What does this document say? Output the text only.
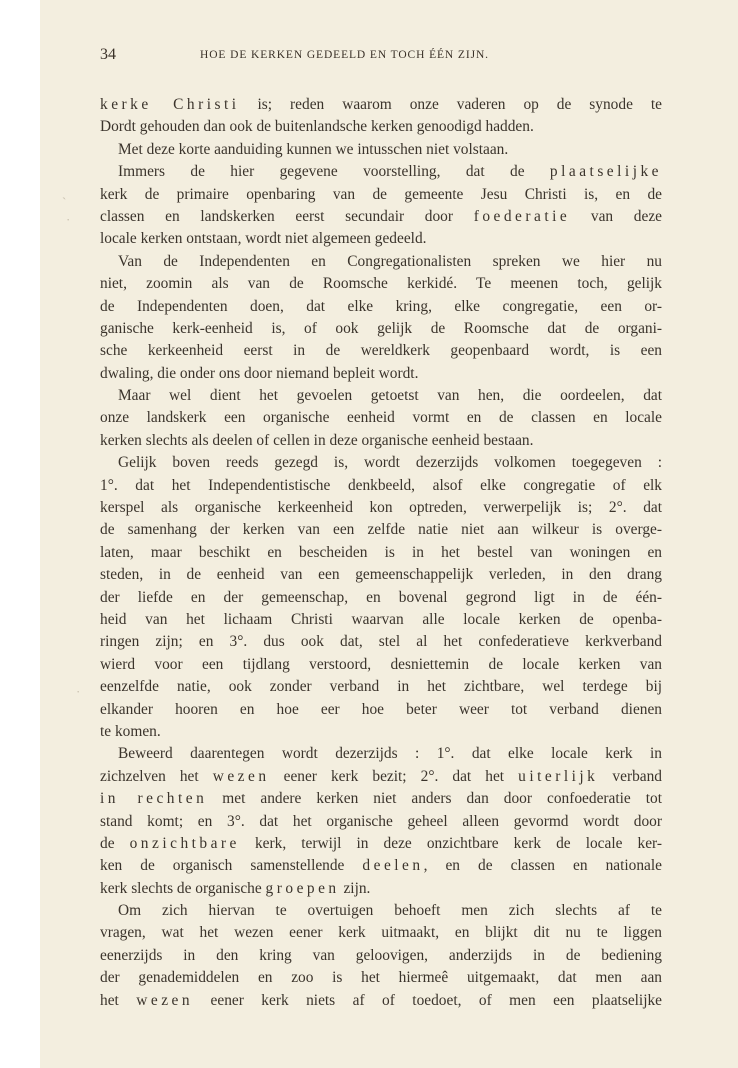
ˏ
·
·
34	HOE DE KERKEN GEDEELD EN TOCH ÉÉN ZIJN.
kerke Christi is; reden waarom onze vaderen op de synode te
Dordt gehouden dan ook de buitenlandsche kerken genoodigd hadden.
Met deze korte aanduiding kunnen we intusschen niet volstaan.
Immers de hier gegevene voorstelling, dat de plaatselijke
kerk de primaire openbaring van de gemeente Jesu Christi is, en de
classen en landskerken eerst secundair door foederatie van deze
locale kerken ontstaan, wordt niet algemeen gedeeld.
Van de Independenten en Congregationalisten spreken we hier nu
niet, zoomin als van de Roomsche kerkidé. Te meenen toch, gelijk
de Independenten doen, dat elke kring, elke congregatie, een or-
ganische kerk-eenheid is, of ook gelijk de Roomsche dat de organi-
sche kerkeenheid eerst in de wereldkerk geopenbaard wordt, is een
dwaling, die onder ons door niemand bepleit wordt.
Maar wel dient het gevoelen getoetst van hen, die oordeelen, dat
onze landskerk een organische eenheid vormt en de classen en locale
kerken slechts als deelen of cellen in deze organische eenheid bestaan.
Gelijk boven reeds gezegd is, wordt dezerzijds volkomen toegegeven :
1°. dat het Independentistische denkbeeld, alsof elke congregatie of elk
kerspel als organische kerkeenheid kon optreden, verwerpelijk is; 2°. dat
de samenhang der kerken van een zelfde natie niet aan wilkeur is overge-
laten, maar beschikt en bescheiden is in het bestel van woningen en
steden, in de eenheid van een gemeenschappelijk verleden, in den drang
der liefde en der gemeenschap, en bovenal gegrond ligt in de één-
heid van het lichaam Christi waarvan alle locale kerken de openba-
ringen zijn; en 3°. dus ook dat, stel al het confederatieve kerkverband
wierd voor een tijdlang verstoord, desniettemin de locale kerken van
eenzelfde natie, ook zonder verband in het zichtbare, wel terdege bij
elkander hooren en hoe eer hoe beter weer tot verband dienen
te komen.
Beweerd daarentegen wordt dezerzijds : 1°. dat elke locale kerk in
zichzelven het wezen eener kerk bezit; 2°. dat het uiterlijk verband
in rechten met andere kerken niet anders dan door confoederatie tot
stand komt; en 3°. dat het organische geheel alleen gevormd wordt door
de onzichtbare kerk, terwijl in deze onzichtbare kerk de locale ker-
ken de organisch samenstellende deelen, en de classen en nationale
kerk slechts de organische groepen zijn.
Om zich hiervan te overtuigen behoeft men zich slechts af te
vragen, wat het wezen eener kerk uitmaakt, en blijkt dit nu te liggen
eenerzijds in den kring van geloovigen, anderzijds in de bediening
der genademiddelen en zoo is het hiermeê uitgemaakt, dat men aan
het wezen eener kerk niets af of toedoet, of men een plaatselijke
